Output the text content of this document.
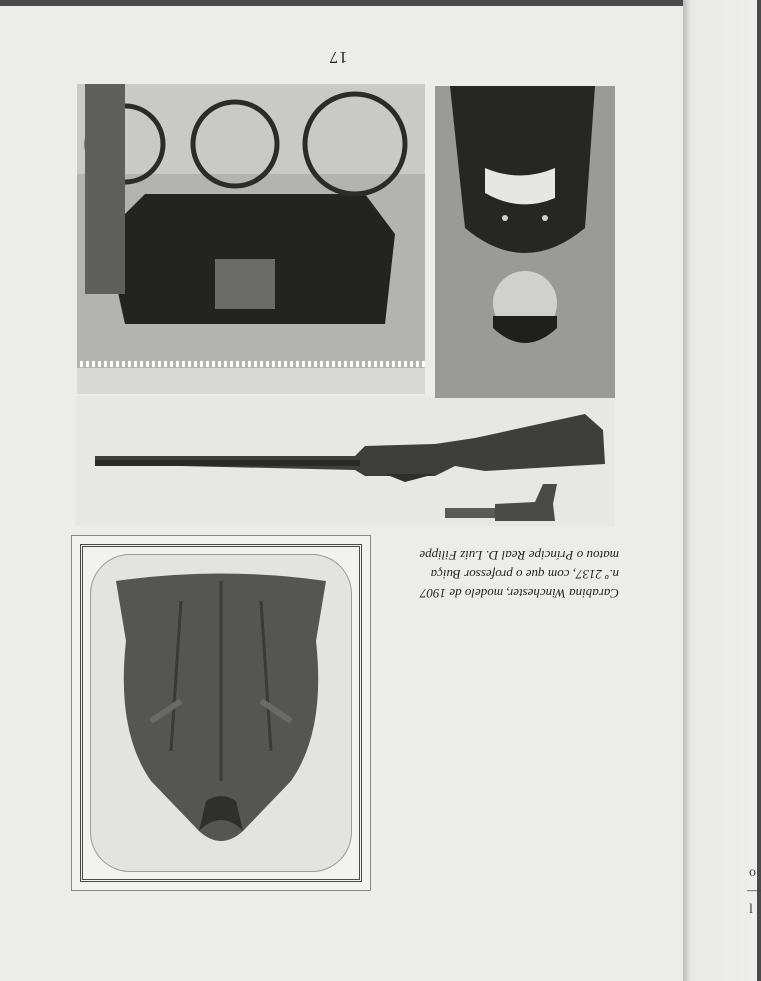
Carabina Winchester, modelo de 1907
n.º 2137, com que o professor Buiça
matou o Príncipe Real D. Luiz Filippe
17
l
—
o
